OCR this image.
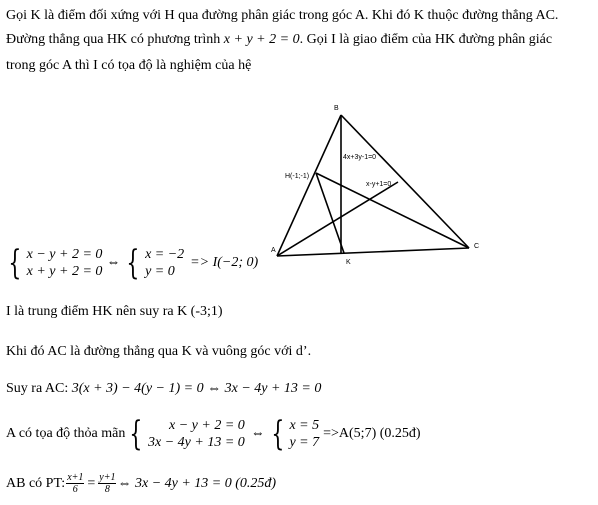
Gọi K là điểm đối xứng với H qua đường phân giác trong góc A. Khi đó K thuộc đường thẳng AC.
Đường thẳng qua HK có phương trình x + y + 2 = 0. Gọi I là giao điểm của HK đường phân giác
trong góc A thì I có tọa độ là nghiệm của hệ
B
A
C
K
H(-1;-1)
4x+3y-1=0
x-y+1=0
{ x − y + 2 = 0
x + y + 2 = 0
⇔ { x = −2
y = 0
=> I(−2; 0)
I là trung điểm HK nên suy ra K (-3;1)
Khi đó AC là đường thẳng qua K và vuông góc với d’.
Suy ra AC: 3(x + 3) − 4(y − 1) = 0 ⇔ 3x − 4y + 13 = 0
A có tọa độ thỏa mãn { x − y + 2 = 0
3x − 4y + 13 = 0
⇔ { x = 5
y = 7
=>A(5;7) (0.25đ)
AB có PT: $\frac{x+1}{6} = \frac{y+1}{8}$ ⇔ 3x − 4y + 13 = 0 (0.25đ)
